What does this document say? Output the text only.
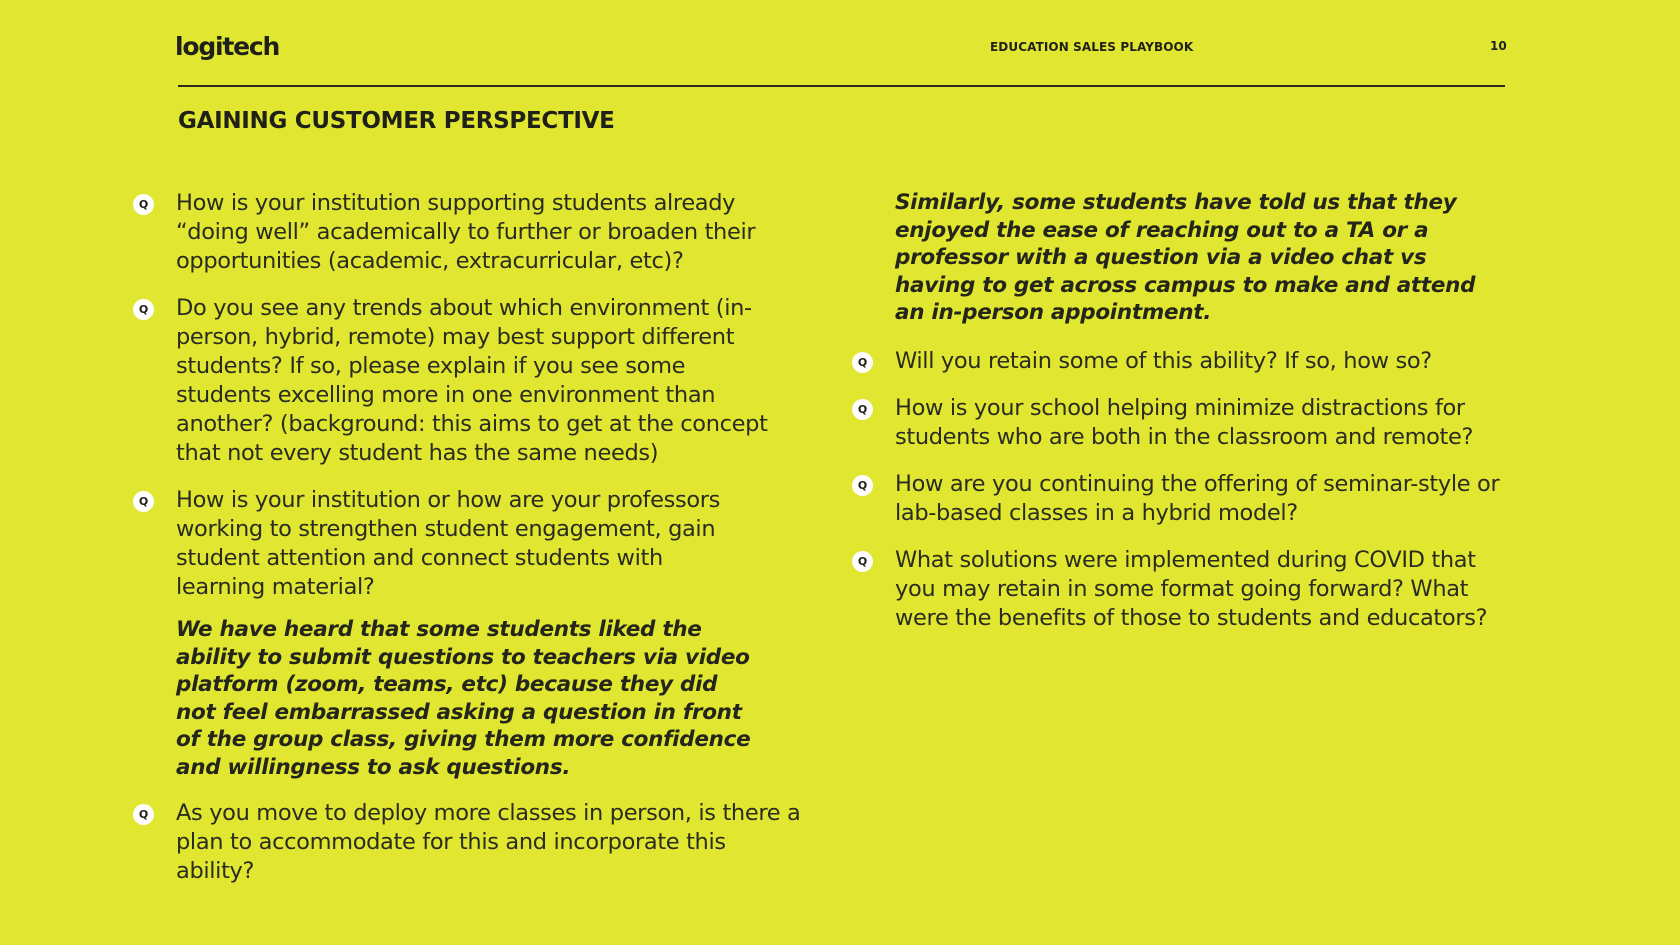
logitech	EDUCATION SALES PLAYBOOK	10
GAINING CUSTOMER PERSPECTIVE
Q How is your institution supporting students already “doing well” academically to further or broaden their opportunities (academic, extracurricular, etc)?
Q Do you see any trends about which environment (in-person, hybrid, remote) may best support different students? If so, please explain if you see some students excelling more in one environment than another? (background: this aims to get at the concept that not every student has the same needs)
Q How is your institution or how are your professors working to strengthen student engagement, gain student attention and connect students with learning material?
We have heard that some students liked the ability to submit questions to teachers via video platform (zoom, teams, etc) because they did not feel embarrassed asking a question in front of the group class, giving them more confidence and willingness to ask questions.
Q As you move to deploy more classes in person, is there a plan to accommodate for this and incorporate this ability?
Similarly, some students have told us that they enjoyed the ease of reaching out to a TA or a professor with a question via a video chat vs having to get across campus to make and attend an in-person appointment.
Q Will you retain some of this ability? If so, how so?
Q How is your school helping minimize distractions for students who are both in the classroom and remote?
Q How are you continuing the offering of seminar-style or lab-based classes in a hybrid model?
Q What solutions were implemented during COVID that you may retain in some format going forward? What were the benefits of those to students and educators?
